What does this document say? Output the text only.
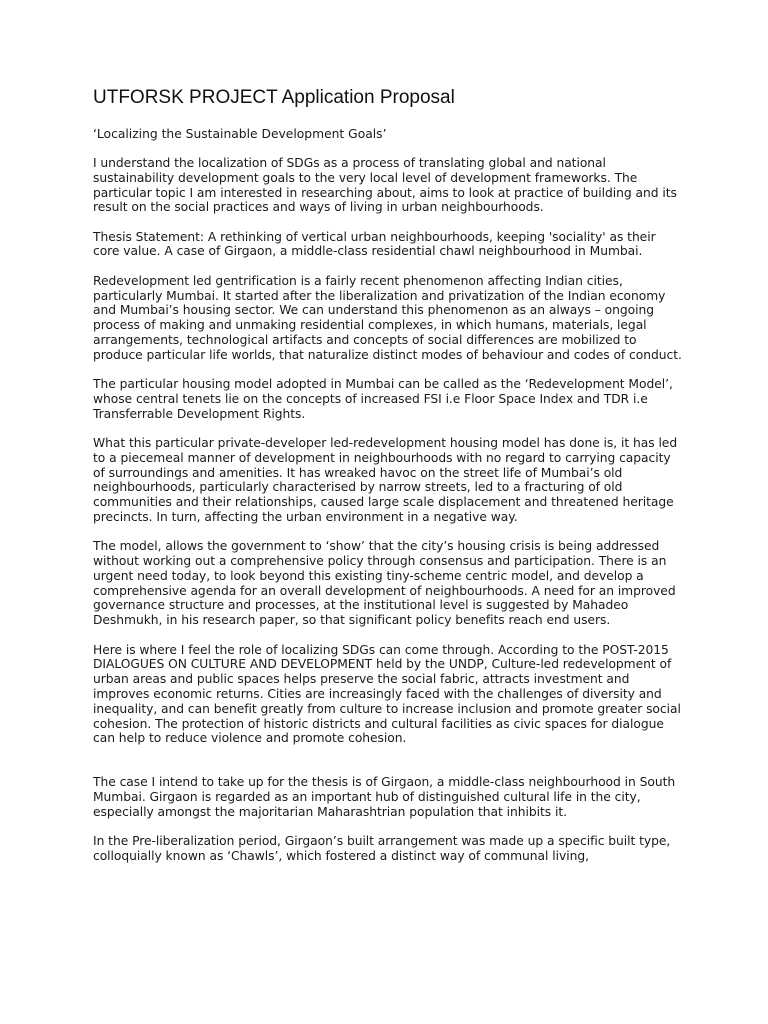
UTFORSK PROJECT Application Proposal

‘Localizing the Sustainable Development Goals’

I understand the localization of SDGs as a process of translating global and national sustainability development goals to the very local level of development frameworks. The particular topic I am interested in researching about, aims to look at practice of building and its result on the social practices and ways of living in urban neighbourhoods.

Thesis Statement: A rethinking of vertical urban neighbourhoods, keeping 'sociality' as their core value. A case of Girgaon, a middle-class residential chawl neighbourhood in Mumbai.

Redevelopment led gentrification is a fairly recent phenomenon affecting Indian cities, particularly Mumbai. It started after the liberalization and privatization of the Indian economy and Mumbai’s housing sector. We can understand this phenomenon as an always – ongoing process of making and unmaking residential complexes, in which humans, materials, legal arrangements, technological artifacts and concepts of social differences are mobilized to produce particular life worlds, that naturalize distinct modes of behaviour and codes of conduct.

The particular housing model adopted in Mumbai can be called as the ‘Redevelopment Model’, whose central tenets lie on the concepts of increased FSI i.e Floor Space Index and TDR i.e Transferrable Development Rights.

What this particular private-developer led-redevelopment housing model has done is, it has led to a piecemeal manner of development in neighbourhoods with no regard to carrying capacity of surroundings and amenities. It has wreaked havoc on the street life of Mumbai’s old neighbourhoods, particularly characterised by narrow streets, led to a fracturing of old communities and their relationships, caused large scale displacement and threatened heritage precincts. In turn, affecting the urban environment in a negative way.

The model, allows the government to ‘show’ that the city’s housing crisis is being addressed without working out a comprehensive policy through consensus and participation. There is an urgent need today, to look beyond this existing tiny-scheme centric model, and develop a comprehensive agenda for an overall development of neighbourhoods. A need for an improved governance structure and processes, at the institutional level is suggested by Mahadeo Deshmukh, in his research paper, so that significant policy benefits reach end users.

Here is where I feel the role of localizing SDGs can come through. According to the POST-2015 DIALOGUES ON CULTURE AND DEVELOPMENT held by the UNDP, Culture-led redevelopment of urban areas and public spaces helps preserve the social fabric, attracts investment and improves economic returns. Cities are increasingly faced with the challenges of diversity and inequality, and can benefit greatly from culture to increase inclusion and promote greater social cohesion. The protection of historic districts and cultural facilities as civic spaces for dialogue can help to reduce violence and promote cohesion.

The case I intend to take up for the thesis is of Girgaon, a middle-class neighbourhood in South Mumbai. Girgaon is regarded as an important hub of distinguished cultural life in the city, especially amongst the majoritarian Maharashtrian population that inhibits it.

In the Pre-liberalization period, Girgaon’s built arrangement was made up a specific built type, colloquially known as ‘Chawls’, which fostered a distinct way of communal living,
